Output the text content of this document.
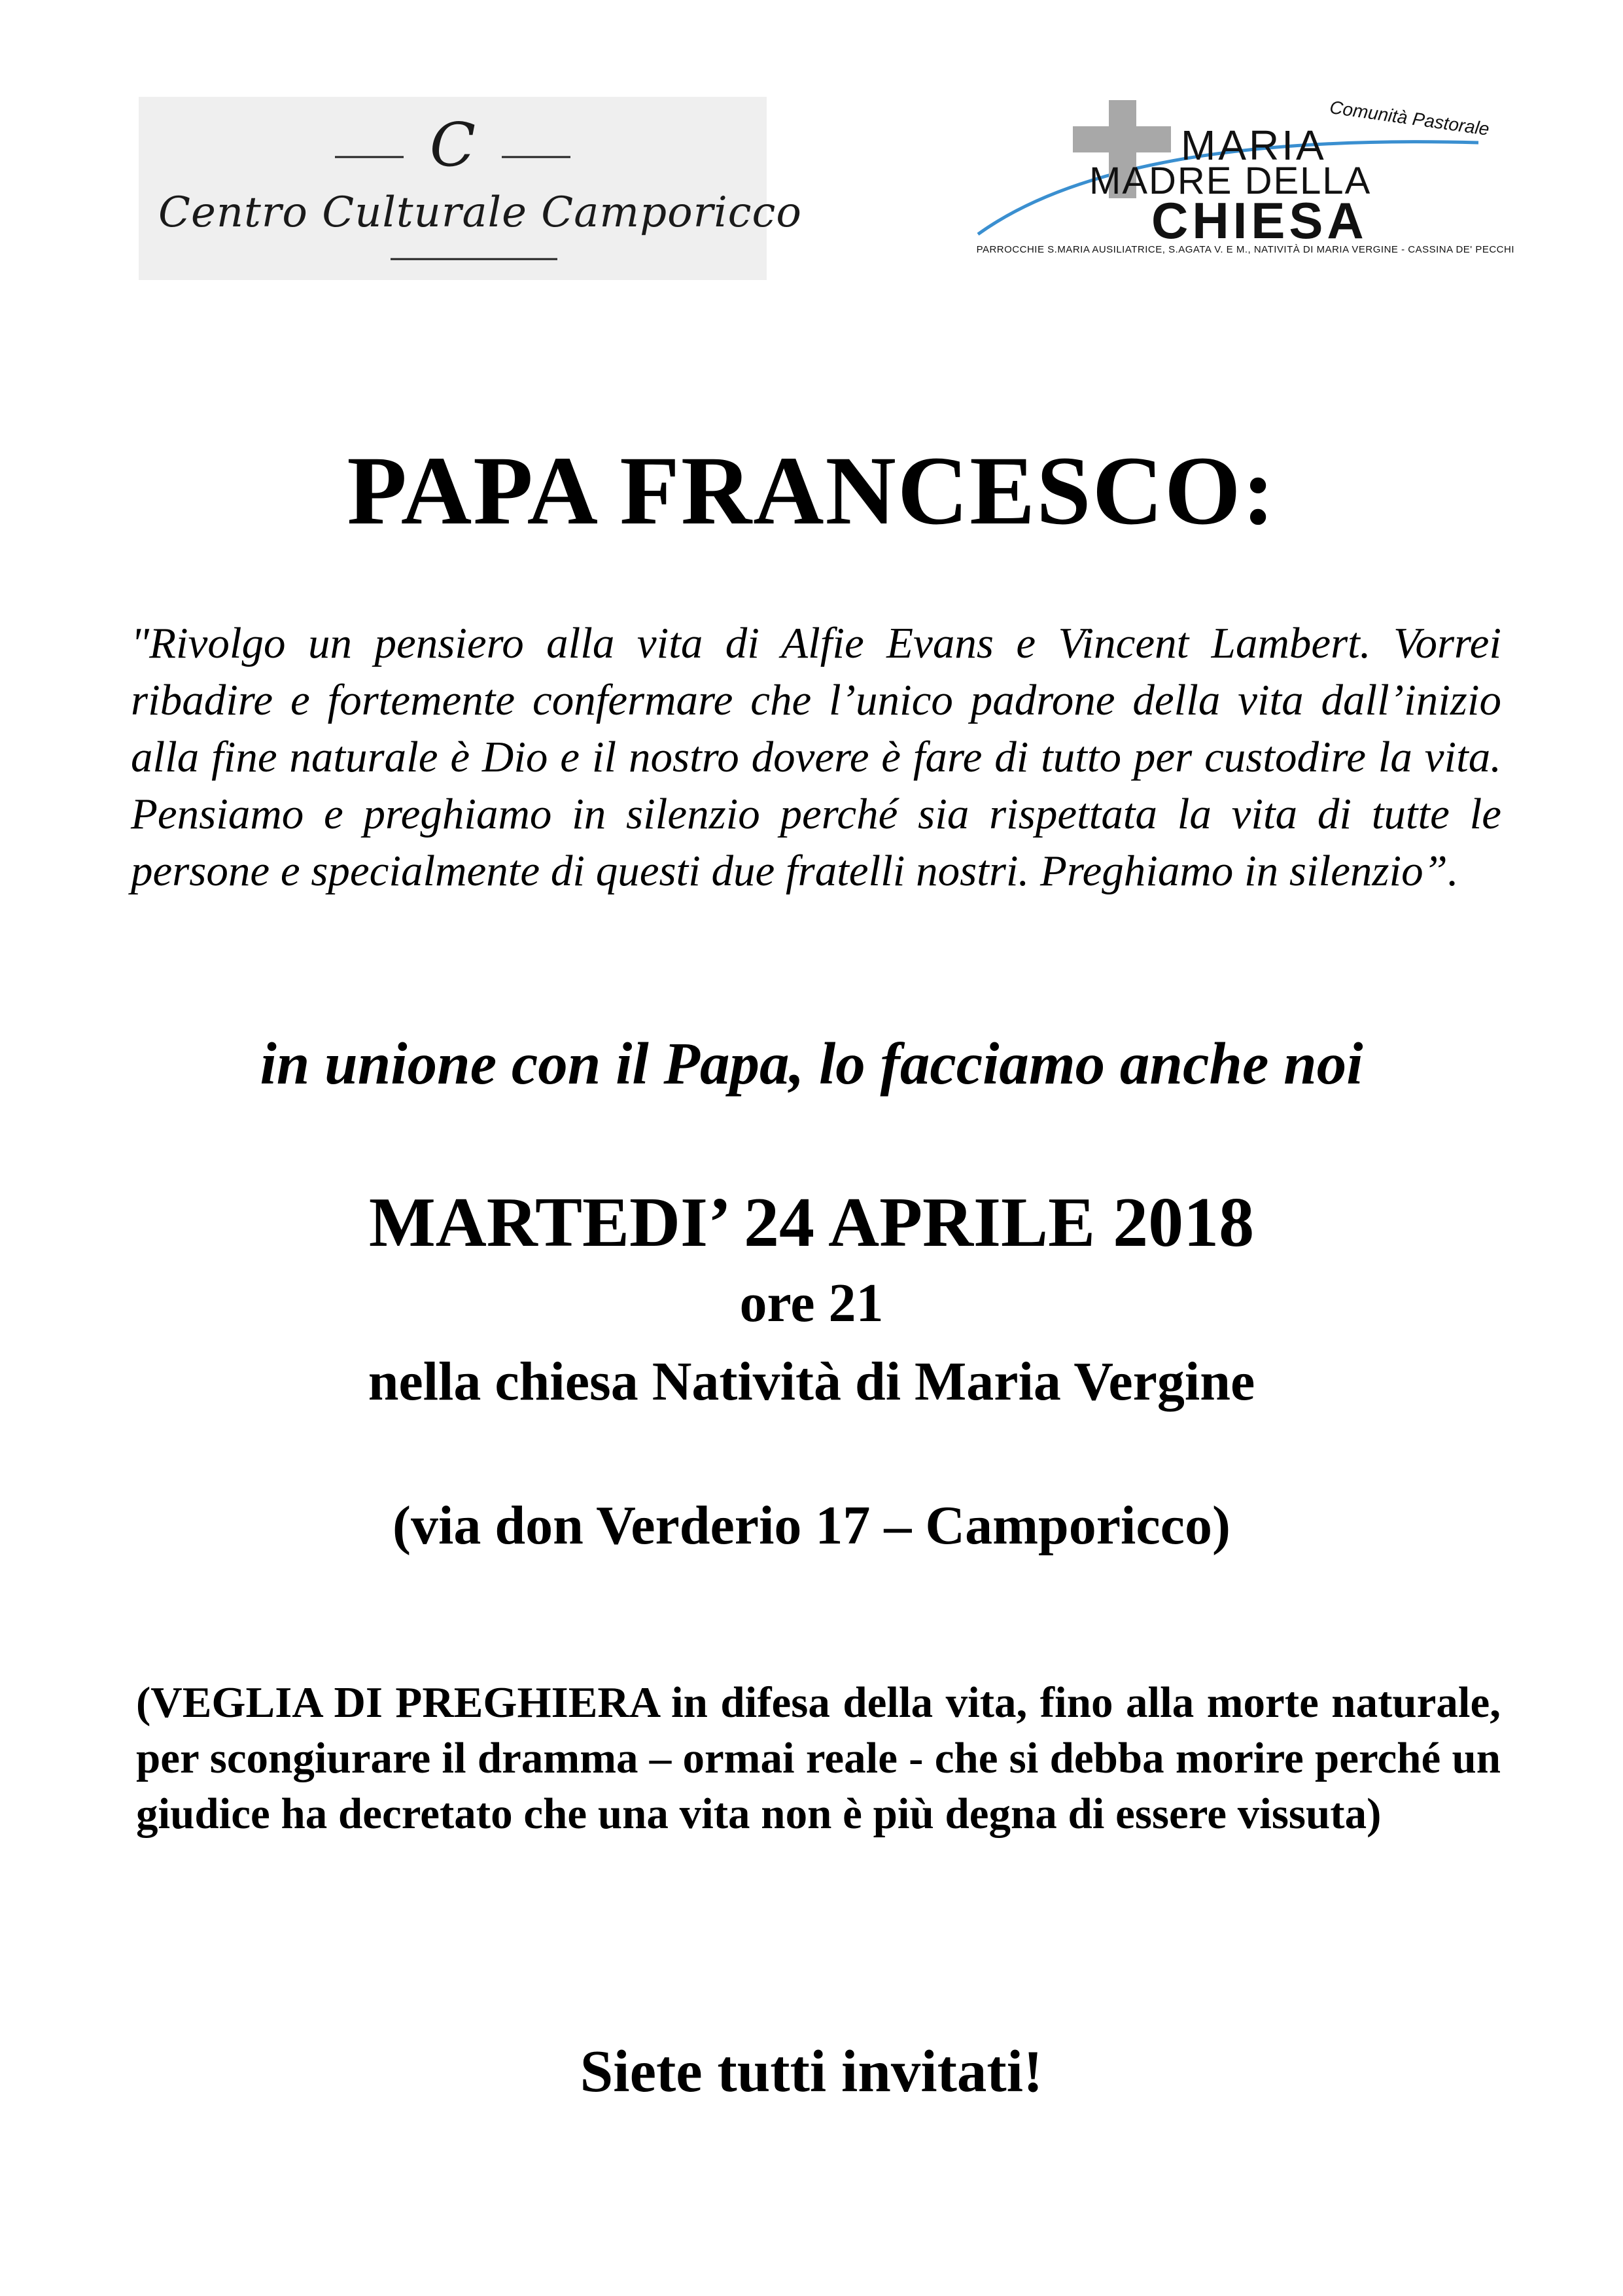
C
Centro Culturale Camporicco
Comunità Pastorale
MARIA
MADRE DELLA
CHIESA
PARROCCHIE S.MARIA AUSILIATRICE, S.AGATA V. E M., NATIVITÀ DI MARIA VERGINE - CASSINA DE' PECCHI
PAPA FRANCESCO:
"Rivolgo un pensiero alla vita di Alfie Evans e Vincent Lambert. Vorrei ribadire e fortemente confermare che l’unico padrone della vita dall’inizio alla fine naturale è Dio e il nostro dovere è fare di tutto per custodire la vita. Pensiamo e preghiamo in silenzio perché sia rispettata la vita di tutte le persone e specialmente di questi due fratelli nostri. Preghiamo in silenzio”.
in unione con il Papa, lo facciamo anche noi
MARTEDI’ 24 APRILE 2018
ore 21
nella chiesa Natività di Maria Vergine
(via don Verderio 17 – Camporicco)
(VEGLIA DI PREGHIERA in difesa della vita, fino alla morte naturale, per scongiurare il dramma – ormai reale - che si debba morire perché un giudice ha decretato che una vita non è più degna di essere vissuta)
Siete tutti invitati!
